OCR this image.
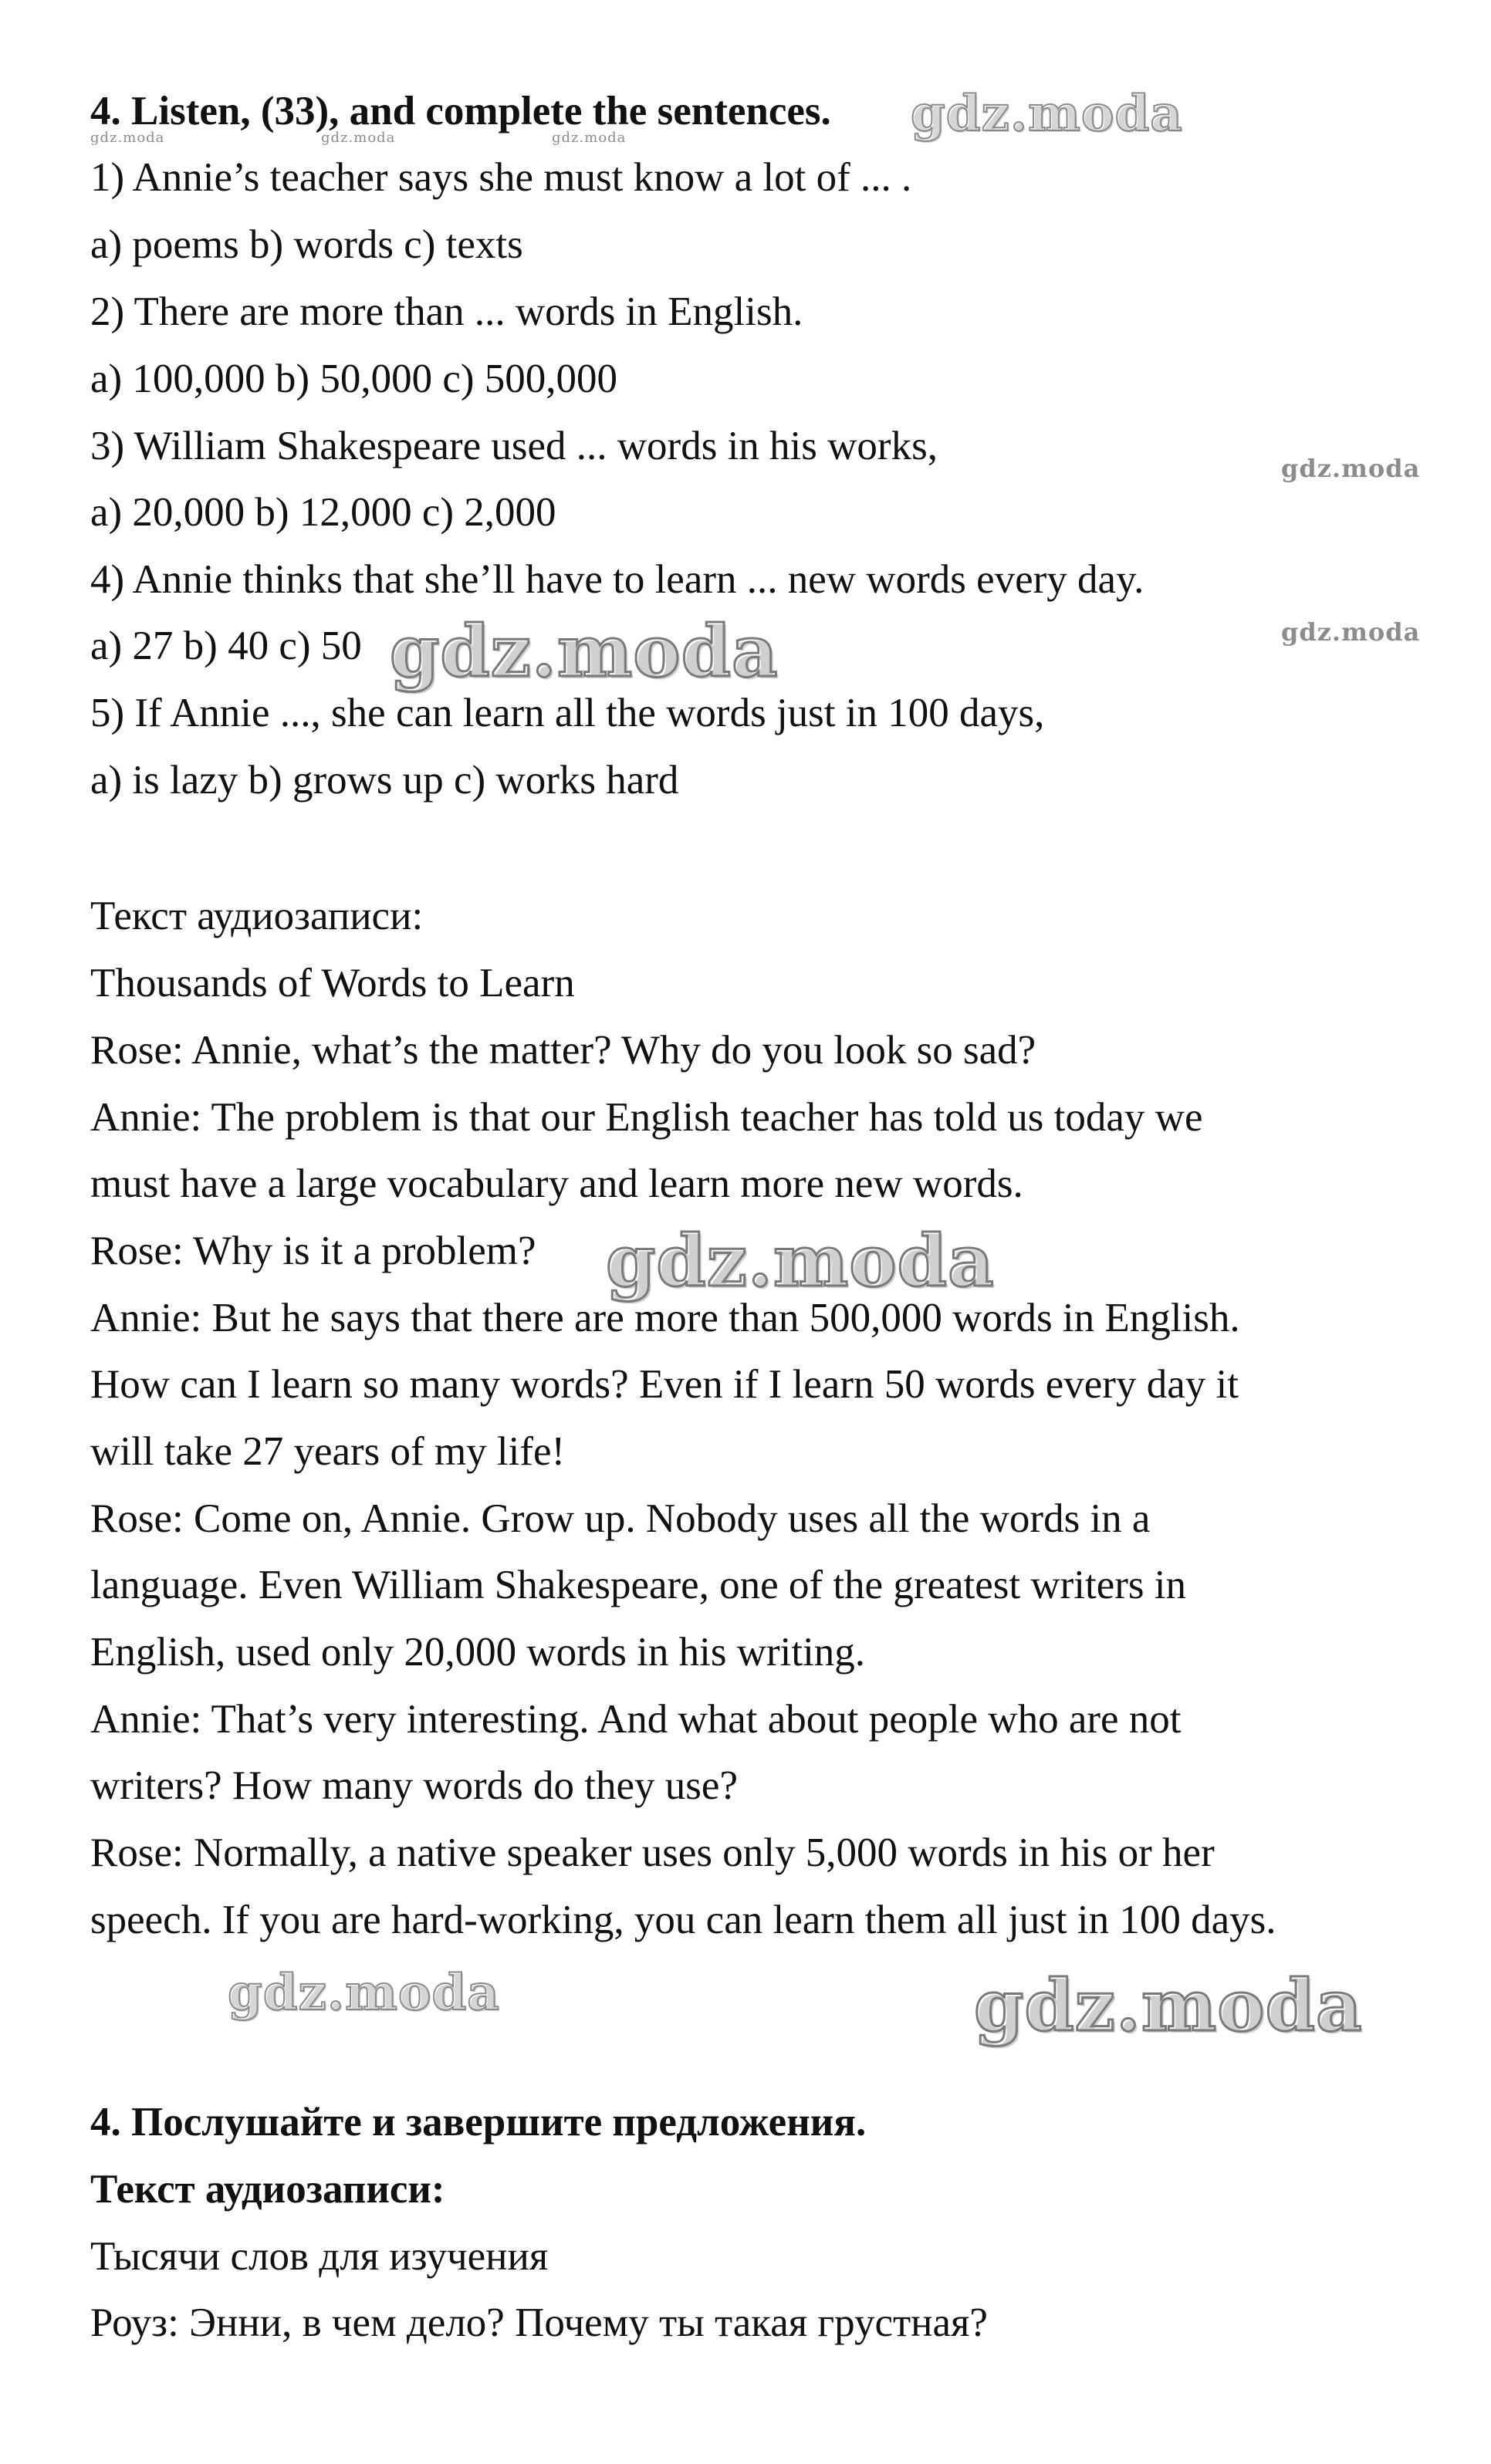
4. Listen, (33), and complete the sentences.
1) Annie’s teacher says she must know a lot of ... .
a) poems b) words c) texts
2) There are more than ... words in English.
a) 100,000 b) 50,000 c) 500,000
3) William Shakespeare used ... words in his works,
a) 20,000 b) 12,000 c) 2,000
4) Annie thinks that she’ll have to learn ... new words every day.
a) 27 b) 40 c) 50
5) If Annie ..., she can learn all the words just in 100 days,
a) is lazy b) grows up c) works hard
Текст аудиозаписи:
Thousands of Words to Learn
Rose: Annie, what’s the matter? Why do you look so sad?
Annie: The problem is that our English teacher has told us today we
must have a large vocabulary and learn more new words.
Rose: Why is it a problem?
Annie: But he says that there are more than 500,000 words in English.
How can I learn so many words? Even if I learn 50 words every day it
will take 27 years of my life!
Rose: Come on, Annie. Grow up. Nobody uses all the words in a
language. Even William Shakespeare, one of the greatest writers in
English, used only 20,000 words in his writing.
Annie: That’s very interesting. And what about people who are not
writers? How many words do they use?
Rose: Normally, a native speaker uses only 5,000 words in his or her
speech. If you are hard-working, you can learn them all just in 100 days.
4. Послушайте и завершите предложения.
Текст аудиозаписи:
Тысячи слов для изучения
Роуз: Энни, в чем дело? Почему ты такая грустная?
gdz.moda
gdz.moda	gdz.moda	gdz.moda
gdz.moda
gdz.moda
gdz.moda
gdz.moda
gdz.moda	gdz.moda
